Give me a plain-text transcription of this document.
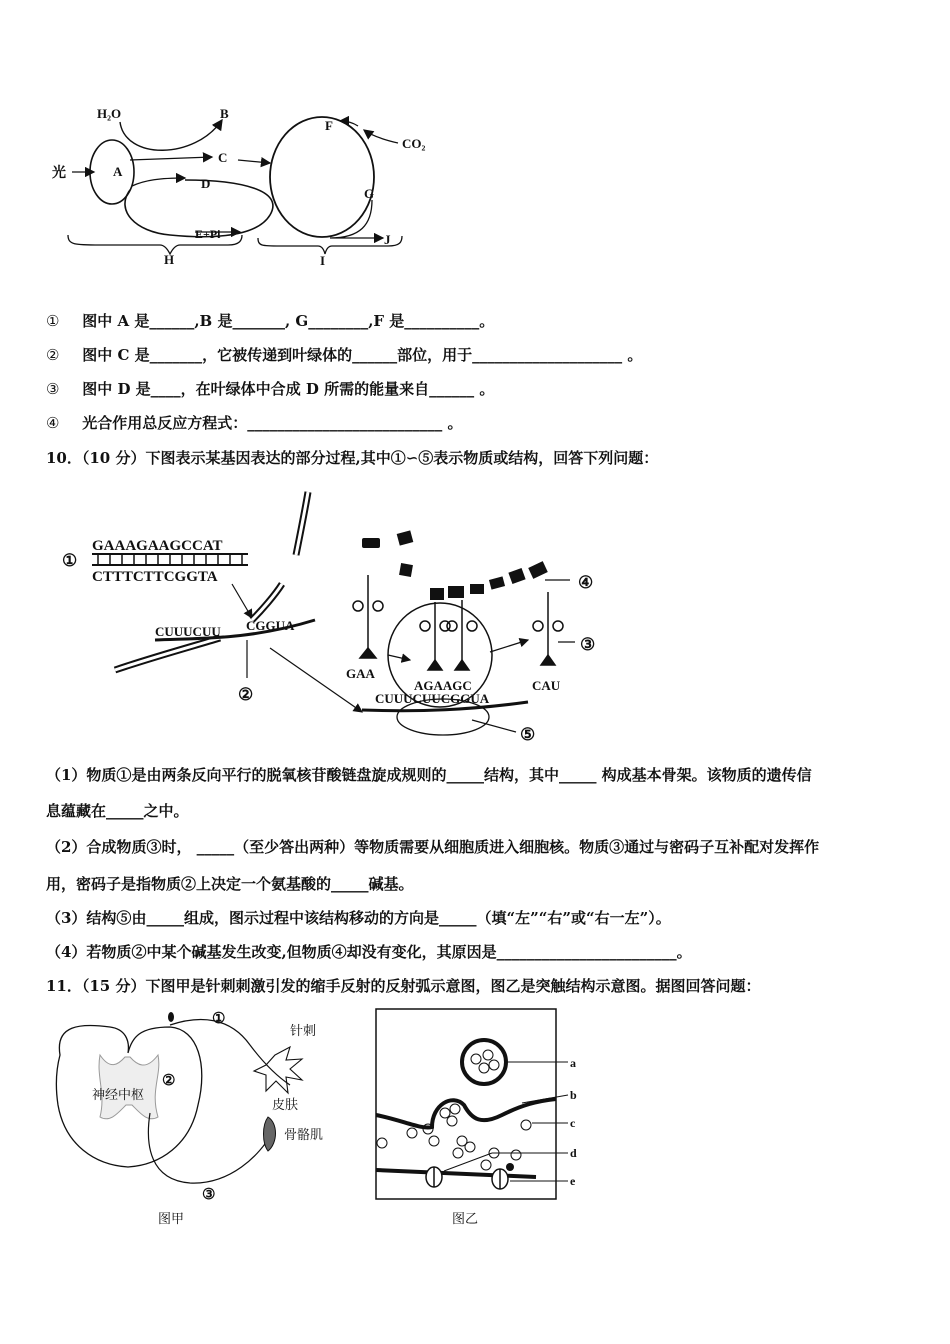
H₂O	B
光	A
C
D
E+Pi
H
F
CO₂
G
J
I
① 图中 A 是______,B 是_______, G________,F 是__________。
② 图中 C 是_______，它被传递到叶绿体的______部位，用于____________________ 。
③ 图中 D 是____，在叶绿体中合成 D 所需的能量来自______ 。
④ 光合作用总反应方程式：__________________________ 。
10．（10 分）下图表示某基因表达的部分过程,其中①∽⑤表示物质或结构，回答下列问题：
①
GAAAGAAGCCAT
CTTTCTTCGGTA
CUUUCUU CGGUA
②
④
⑤
GAA
AGAAGC
③
CAU
CUUUCUUCGGUA
（1）物质①是由两条反向平行的脱氧核苷酸链盘旋成规则的_____结构，其中_____ 构成基本骨架。该物质的遗传信
息蕴藏在_____之中。
（2）合成物质③时， _____（至少答出两种）等物质需要从细胞质进入细胞核。物质③通过与密码子互补配对发挥作
用，密码子是指物质②上决定一个氨基酸的_____碱基。
（3）结构⑤由_____组成，图示过程中该结构移动的方向是_____（填“左”“右”或“右一左”）。
（4）若物质②中某个碱基发生改变,但物质④却没有变化，其原因是________________________。
11．（15 分）下图甲是针刺刺激引发的缩手反射的反射弧示意图，图乙是突触结构示意图。据图回答问题：
神经中枢
①
针刺
皮肤
②
骨骼肌
③
图甲
a
b
c
d
e
图乙
